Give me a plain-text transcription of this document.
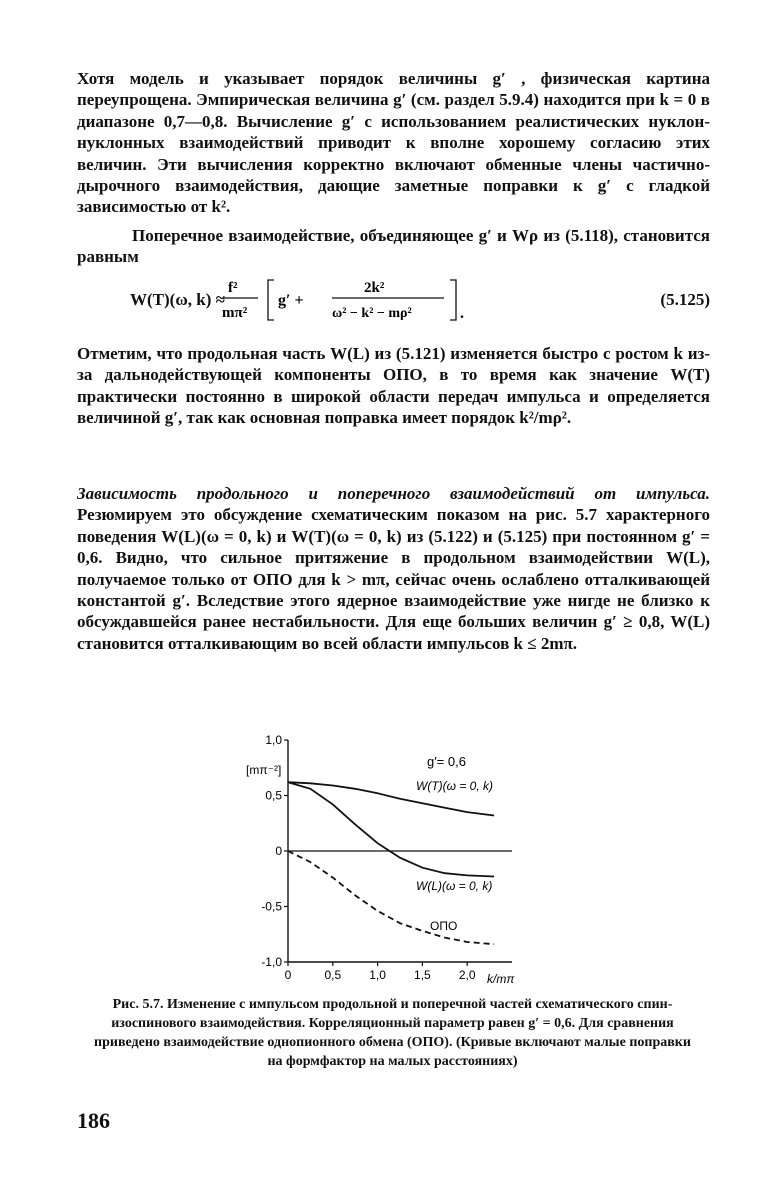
Хотя модель и указывает порядок величины g′ , физическая картина переупрощена. Эмпирическая величина g′ (см. раздел 5.9.4) находится при k = 0 в диапазоне 0,7—0,8. Вычисление g′ с использованием реалистических нуклон-нуклонных взаимодействий приводит к вполне хорошему согласию этих величин. Эти вычисления корректно включают обменные члены частично-дырочного взаимодействия, дающие заметные поправки к g′ с гладкой зависимостью от k².

Поперечное взаимодействие, объединяющее g′ и Wρ из (5.118), становится равным

W(T)(ω, k) ≈
f²
mπ²
g′ +
2k²
ω² − k² − mρ²	.
(5.125)

Отметим, что продольная часть W(L) из (5.121) изменяется быстро с ростом k из-за дальнодействующей компоненты ОПО, в то время как значение W(T) практически постоянно в широкой области передач импульса и определяется величиной g′, так как основная поправка имеет порядок k²/mρ².

Зависимость продольного и поперечного взаимодействий от импульса. Резюмируем это обсуждение схематическим показом на рис. 5.7 характерного поведения W(L)(ω = 0, k) и W(T)(ω = 0, k) из (5.122) и (5.125) при постоянном g′ = 0,6. Видно, что сильное притяжение в продольном взаимодействии W(L), получаемое только от ОПО для k > mπ, сейчас очень ослаблено отталкивающей константой g′. Вследствие этого ядерное взаимодействие уже нигде не близко к обсуждавшейся ранее нестабильности. Для еще больших величин g′ ≥ 0,8, W(L) становится отталкивающим во всей области импульсов k ≤ 2mπ.

1,0
0,5
0
-0,5
-1,0
0	0,5 1,0 1,5 2,0
g′= 0,6
W(T)(ω = 0, k)
W(L)(ω = 0, k)
ОПО
[mπ⁻²]
k/mπ

Рис. 5.7. Изменение с импульсом продольной и поперечной частей схематического спин-изоспинового взаимодействия. Корреляционный параметр равен g′ = 0,6. Для сравнения приведено взаимодействие однопионного обмена (ОПО). (Кривые включают малые поправки на формфактор на малых расстояниях)

186
